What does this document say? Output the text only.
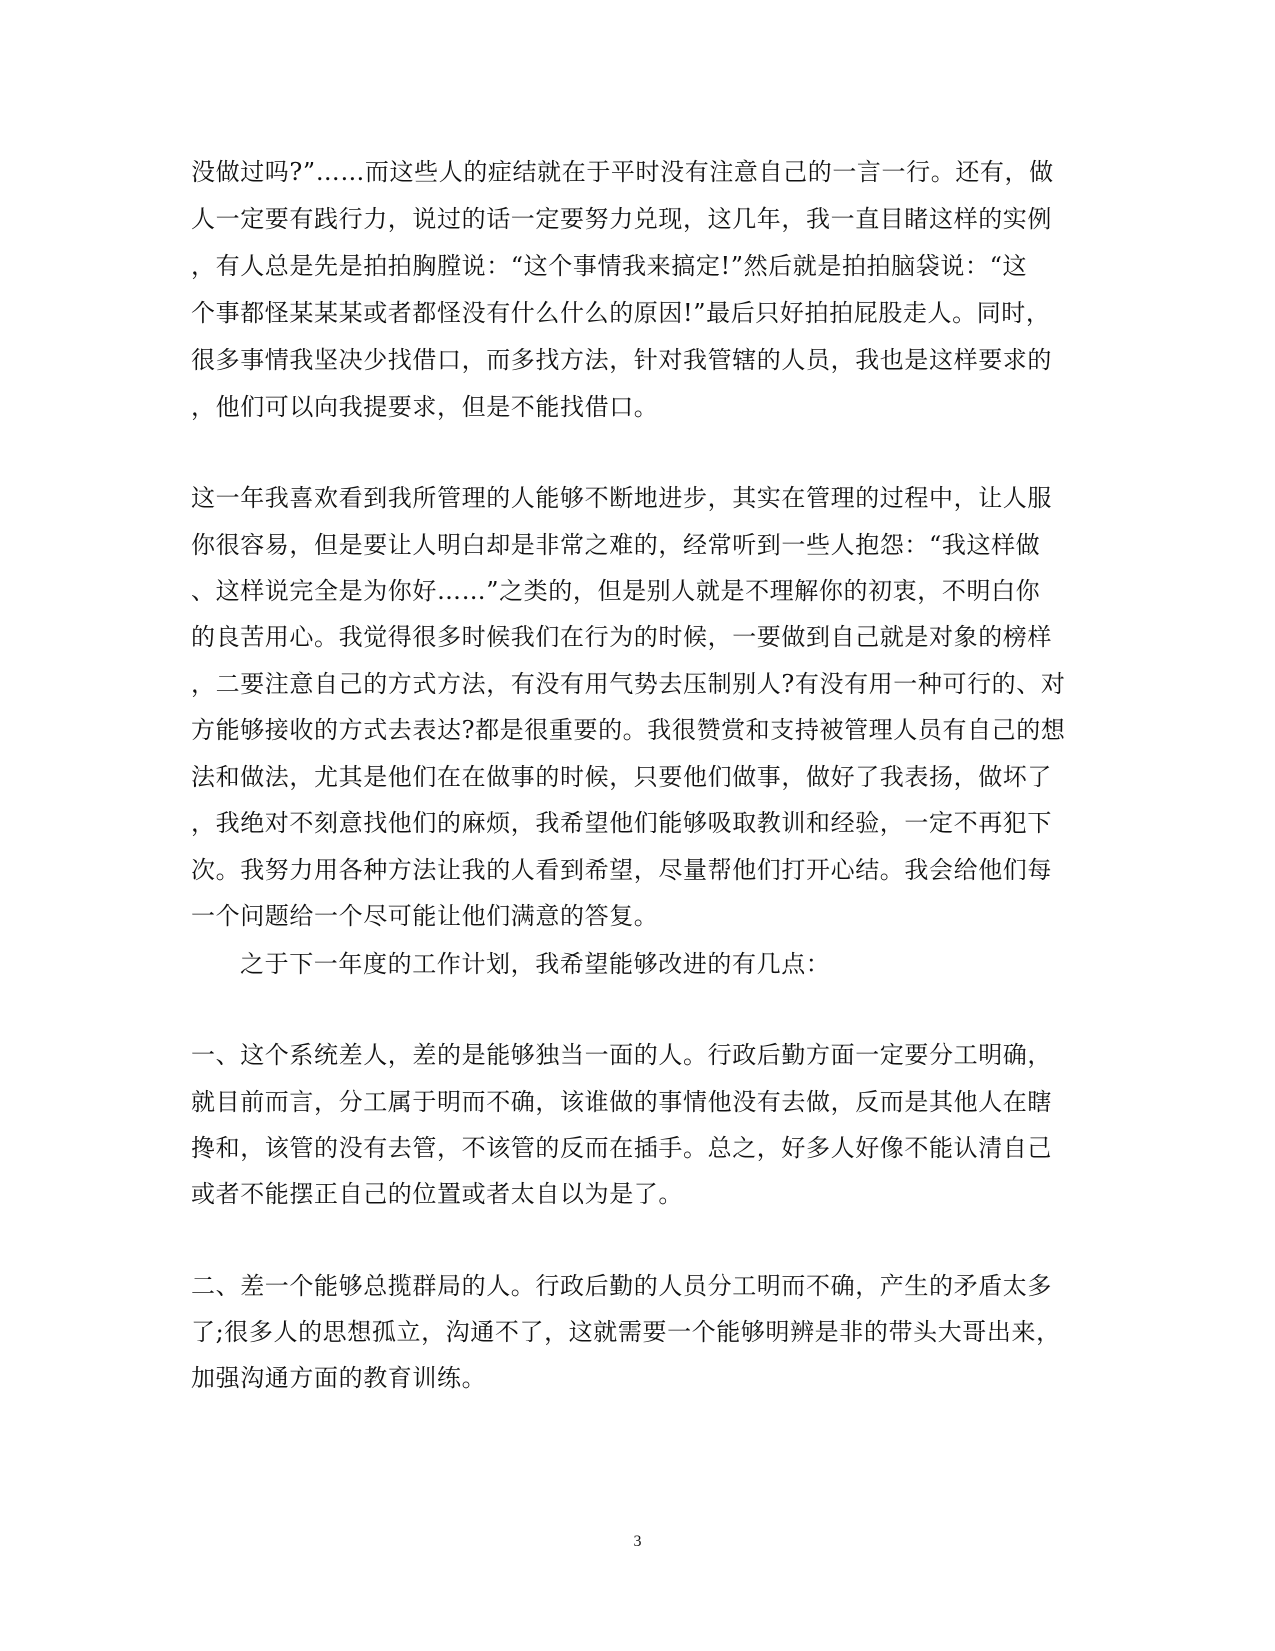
没做过吗?”……而这些人的症结就在于平时没有注意自己的一言一行。还有，做
人一定要有践行力，说过的话一定要努力兑现，这几年，我一直目睹这样的实例
，有人总是先是拍拍胸膛说：“这个事情我来搞定!”然后就是拍拍脑袋说：“这
个事都怪某某某或者都怪没有什么什么的原因!”最后只好拍拍屁股走人。同时，
很多事情我坚决少找借口，而多找方法，针对我管辖的人员，我也是这样要求的
，他们可以向我提要求，但是不能找借口。
这一年我喜欢看到我所管理的人能够不断地进步，其实在管理的过程中，让人服
你很容易，但是要让人明白却是非常之难的，经常听到一些人抱怨：“我这样做
、这样说完全是为你好……”之类的，但是别人就是不理解你的初衷，不明白你
的良苦用心。我觉得很多时候我们在行为的时候，一要做到自己就是对象的榜样
，二要注意自己的方式方法，有没有用气势去压制别人?有没有用一种可行的、对
方能够接收的方式去表达?都是很重要的。我很赞赏和支持被管理人员有自己的想
法和做法，尤其是他们在在做事的时候，只要他们做事，做好了我表扬，做坏了
，我绝对不刻意找他们的麻烦，我希望他们能够吸取教训和经验，一定不再犯下
次。我努力用各种方法让我的人看到希望，尽量帮他们打开心结。我会给他们每
一个问题给一个尽可能让他们满意的答复。
之于下一年度的工作计划，我希望能够改进的有几点：
一、这个系统差人，差的是能够独当一面的人。行政后勤方面一定要分工明确，
就目前而言，分工属于明而不确，该谁做的事情他没有去做，反而是其他人在瞎
搀和，该管的没有去管，不该管的反而在插手。总之，好多人好像不能认清自己
或者不能摆正自己的位置或者太自以为是了。
二、差一个能够总揽群局的人。行政后勤的人员分工明而不确，产生的矛盾太多
了;很多人的思想孤立，沟通不了，这就需要一个能够明辨是非的带头大哥出来，
加强沟通方面的教育训练。
3
